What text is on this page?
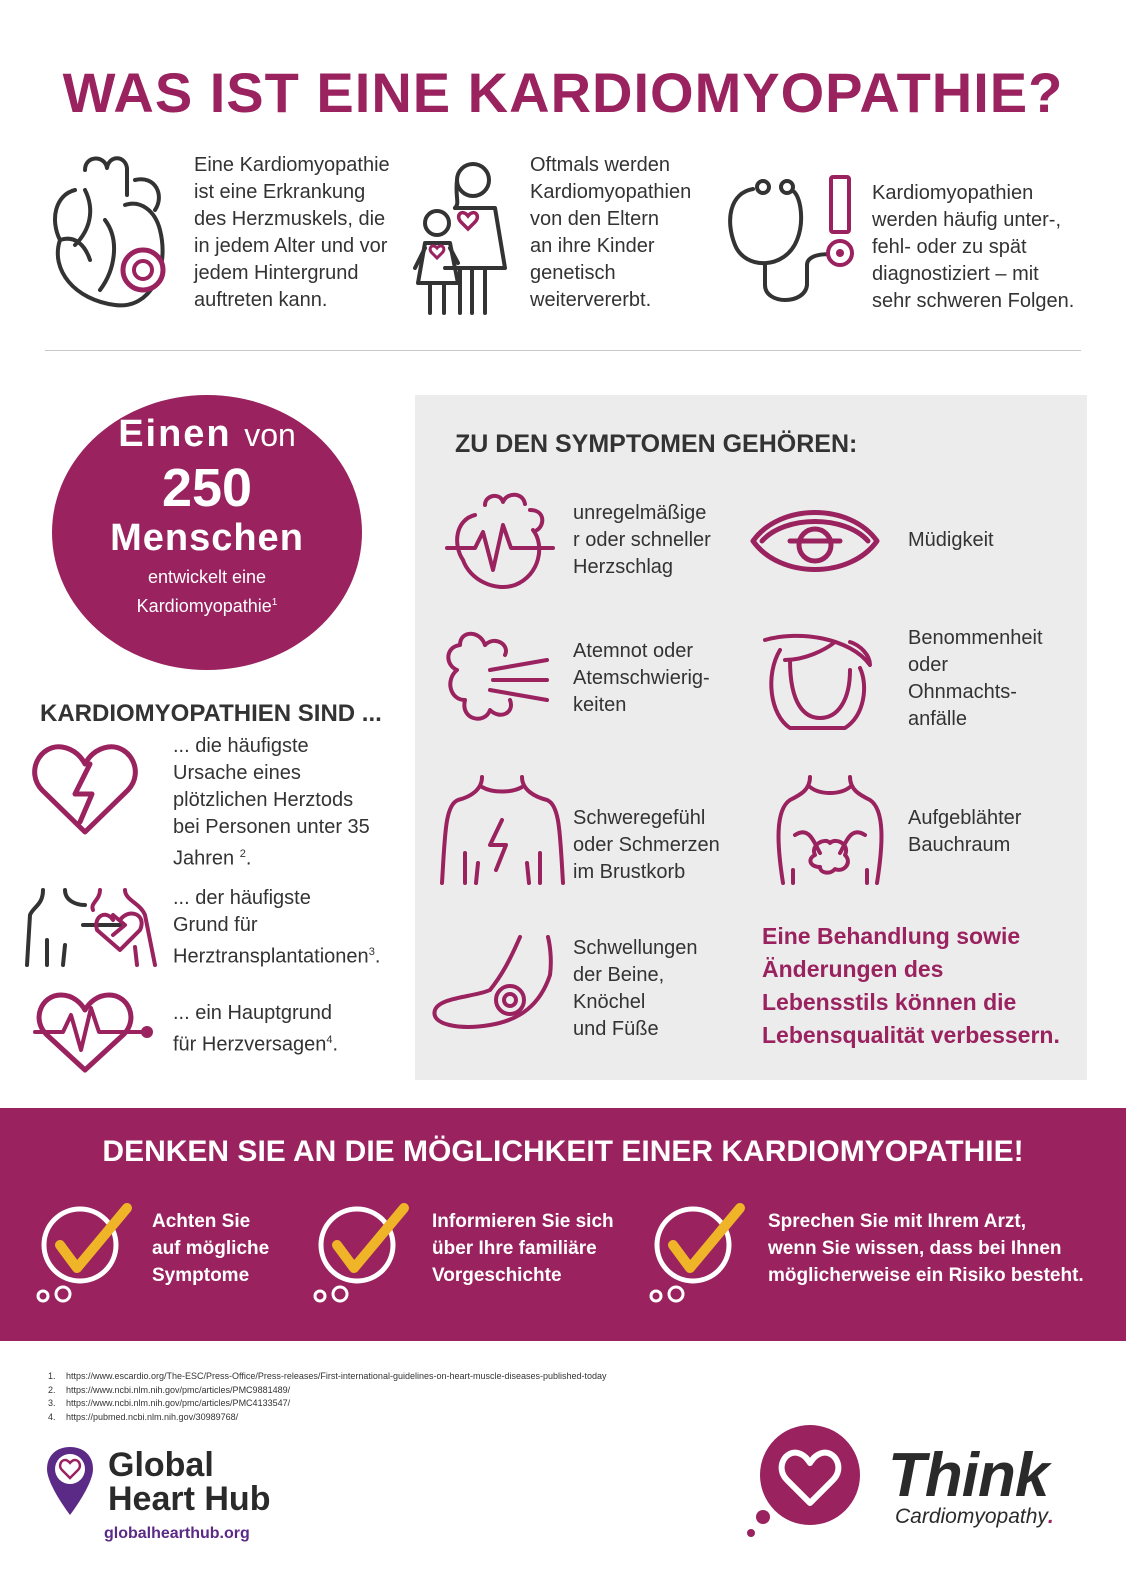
WAS IST EINE KARDIOMYOPATHIE?
Eine Kardiomyopathie
ist eine Erkrankung
des Herzmuskels, die
in jedem Alter und vor
jedem Hintergrund
auftreten kann.
Oftmals werden
Kardiomyopathien
von den Eltern
an ihre Kinder
genetisch
weitervererbt.
Kardiomyopathien
werden häufig unter-,
fehl- oder zu spät
diagnostiziert – mit
sehr schweren Folgen.
Einen von
250
Menschen
entwickelt eine
Kardiomyopathie$^1$
KARDIOMYOPATHIEN SIND ...
... die häufigste
Ursache eines
plötzlichen Herztods
bei Personen unter 35
Jahren $^2$.
... der häufigste
Grund für
Herztransplantationen$^3$.
... ein Hauptgrund
für Herzversagen$^4$.
ZU DEN SYMPTOMEN GEHÖREN:
unregelmäßige
r oder schneller
Herzschlag
Müdigkeit
Atemnot oder
Atemschwierig-
keiten
Benommenheit
oder
Ohnmachts-
anfälle
Schweregefühl
oder Schmerzen
im Brustkorb
Aufgeblähter
Bauchraum
Schwellungen
der Beine,
Knöchel
und Füße
Eine Behandlung sowie
Änderungen des
Lebensstils können die
Lebensqualität verbessern.
DENKEN SIE AN DIE MÖGLICHKEIT EINER KARDIOMYOPATHIE!
Achten Sie
auf mögliche
Symptome
Informieren Sie sich
über Ihre familiäre
Vorgeschichte
Sprechen Sie mit Ihrem Arzt,
wenn Sie wissen, dass bei Ihnen
möglicherweise ein Risiko besteht.
1. https://www.escardio.org/The-ESC/Press-Office/Press-releases/First-international-guidelines-on-heart-muscle-diseases-published-today
2. https://www.ncbi.nlm.nih.gov/pmc/articles/PMC9881489/
3. https://www.ncbi.nlm.nih.gov/pmc/articles/PMC4133547/
4. https://pubmed.ncbi.nlm.nih.gov/30989768/
Global
Heart Hub
globalhearthub.org
Think
Cardiomyopathy.
